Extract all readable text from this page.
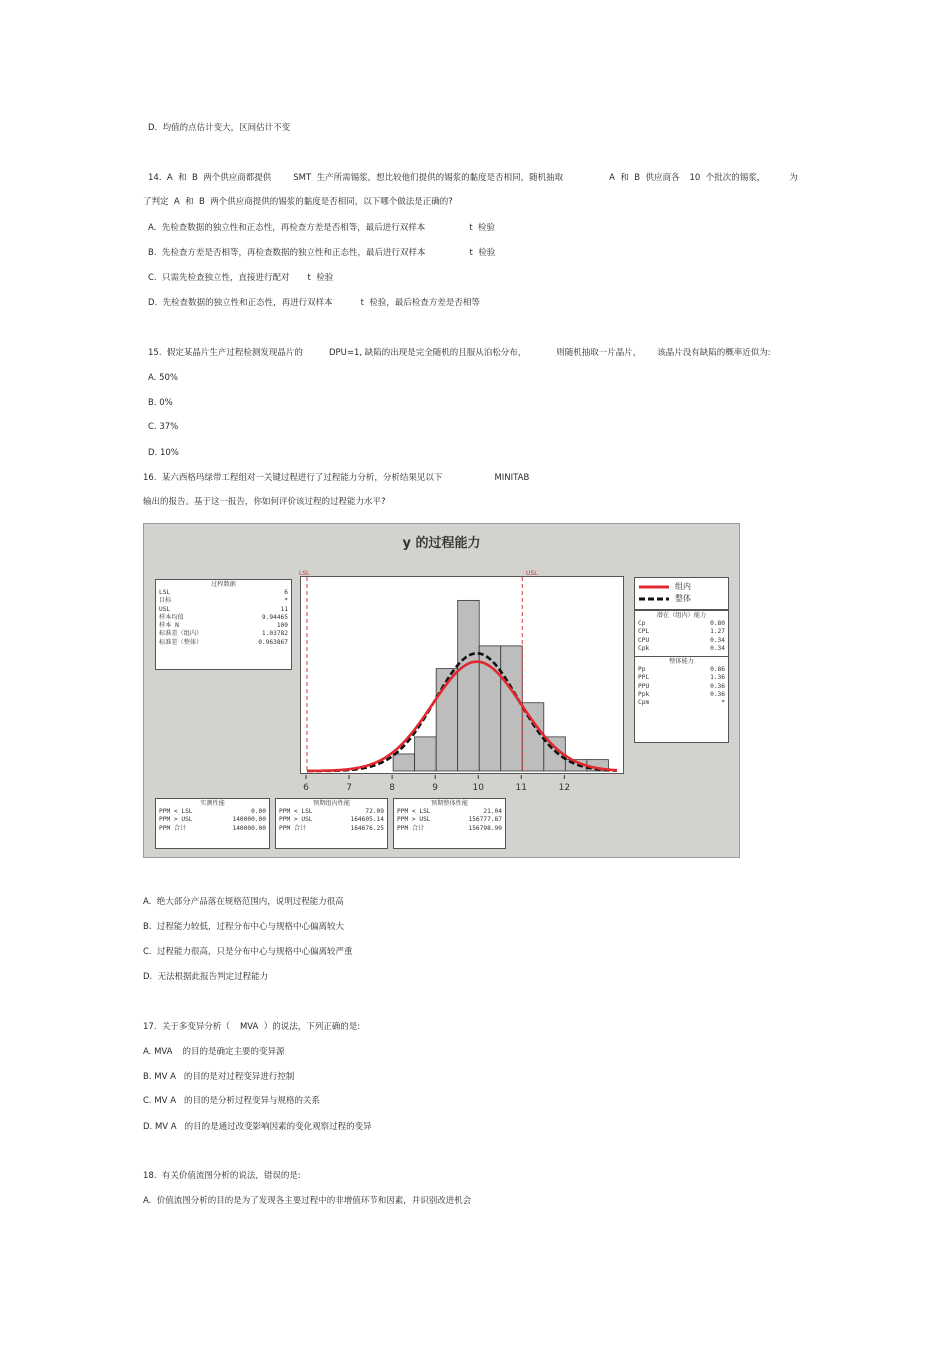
D.  均值的点估计变大，区间估计不变
14.  A  和  B  两个供应商都提供	SMT  生产所需锡浆，想比较他们提供的锡浆的黏度是否相同，随机抽取	A  和  B  供应商各 10  个批次的锡浆，	为
了判定  A  和  B  两个供应商提供的锡浆的黏度是否相同，以下哪个做法是正确的?
A.  先检查数据的独立性和正态性，再检查方差是否相等，最后进行双样本	t  检验
B.  先检查方差是否相等，再检查数据的独立性和正态性，最后进行双样本	t  检验
C.  只需先检查独立性，直接进行配对 t  检验
D.  先检查数据的独立性和正态性，再进行双样本	t  检验，最后检查方差是否相等
15.  假定某晶片生产过程检测发现晶片的	DPU=1, 缺陷的出现是完全随机的且服从泊松分布，	则随机抽取一片晶片， 该晶片没有缺陷的概率近似为:
A. 50%
B. 0%
C. 37%
D. 10%
16.  某六西格玛绿带工程组对一关键过程进行了过程能力分析，分析结果见以下	MINITAB
输出的报告。基于这一报告，你如何评价该过程的过程能力水平?
y 的过程能力
过程数据
LSL	6
目标	*
USL	11
样本均值	9.94465
样本 N	100
标准差（组内）	1.03782
标准差（整体）	0.963867
组内
整体
潜在（组内）能力
Cp	0.80
CPL	1.27
CPU	0.34
Cpk	0.34
整体能力
Pp	0.86
PPL	1.36
PPU	0.36
Ppk	0.36
Cpm	*
6	7	8	9	10	11	12
LSL	USL
实测性能
PPM < LSL	0.00
PPM > USL	140000.00
PPM 合计	140000.00
预期组内性能
PPM < LSL	72.09
PPM > USL	164605.14
PPM 合计	164676.25
预期整体性能
PPM < LSL	21.04
PPM > USL	156777.87
PPM 合计	156798.90
A.  绝大部分产品落在规格范围内，说明过程能力很高
B.  过程能力较低，过程分布中心与规格中心偏离较大
C.  过程能力很高，只是分布中心与规格中心偏离较严重
D.  无法根据此报告判定过程能力
17.  关于多变异分析（ MVA  ）的说法，下列正确的是:
A. MVA 的目的是确定主要的变异源
B. MV A 的目的是对过程变异进行控制
C. MV A 的目的是分析过程变异与规格的关系
D. MV A 的目的是通过改变影响因素的变化观察过程的变异
18.  有关价值流图分析的说法，错误的是:
A.  价值流图分析的目的是为了发现各主要过程中的非增值环节和因素，并识别改进机会
